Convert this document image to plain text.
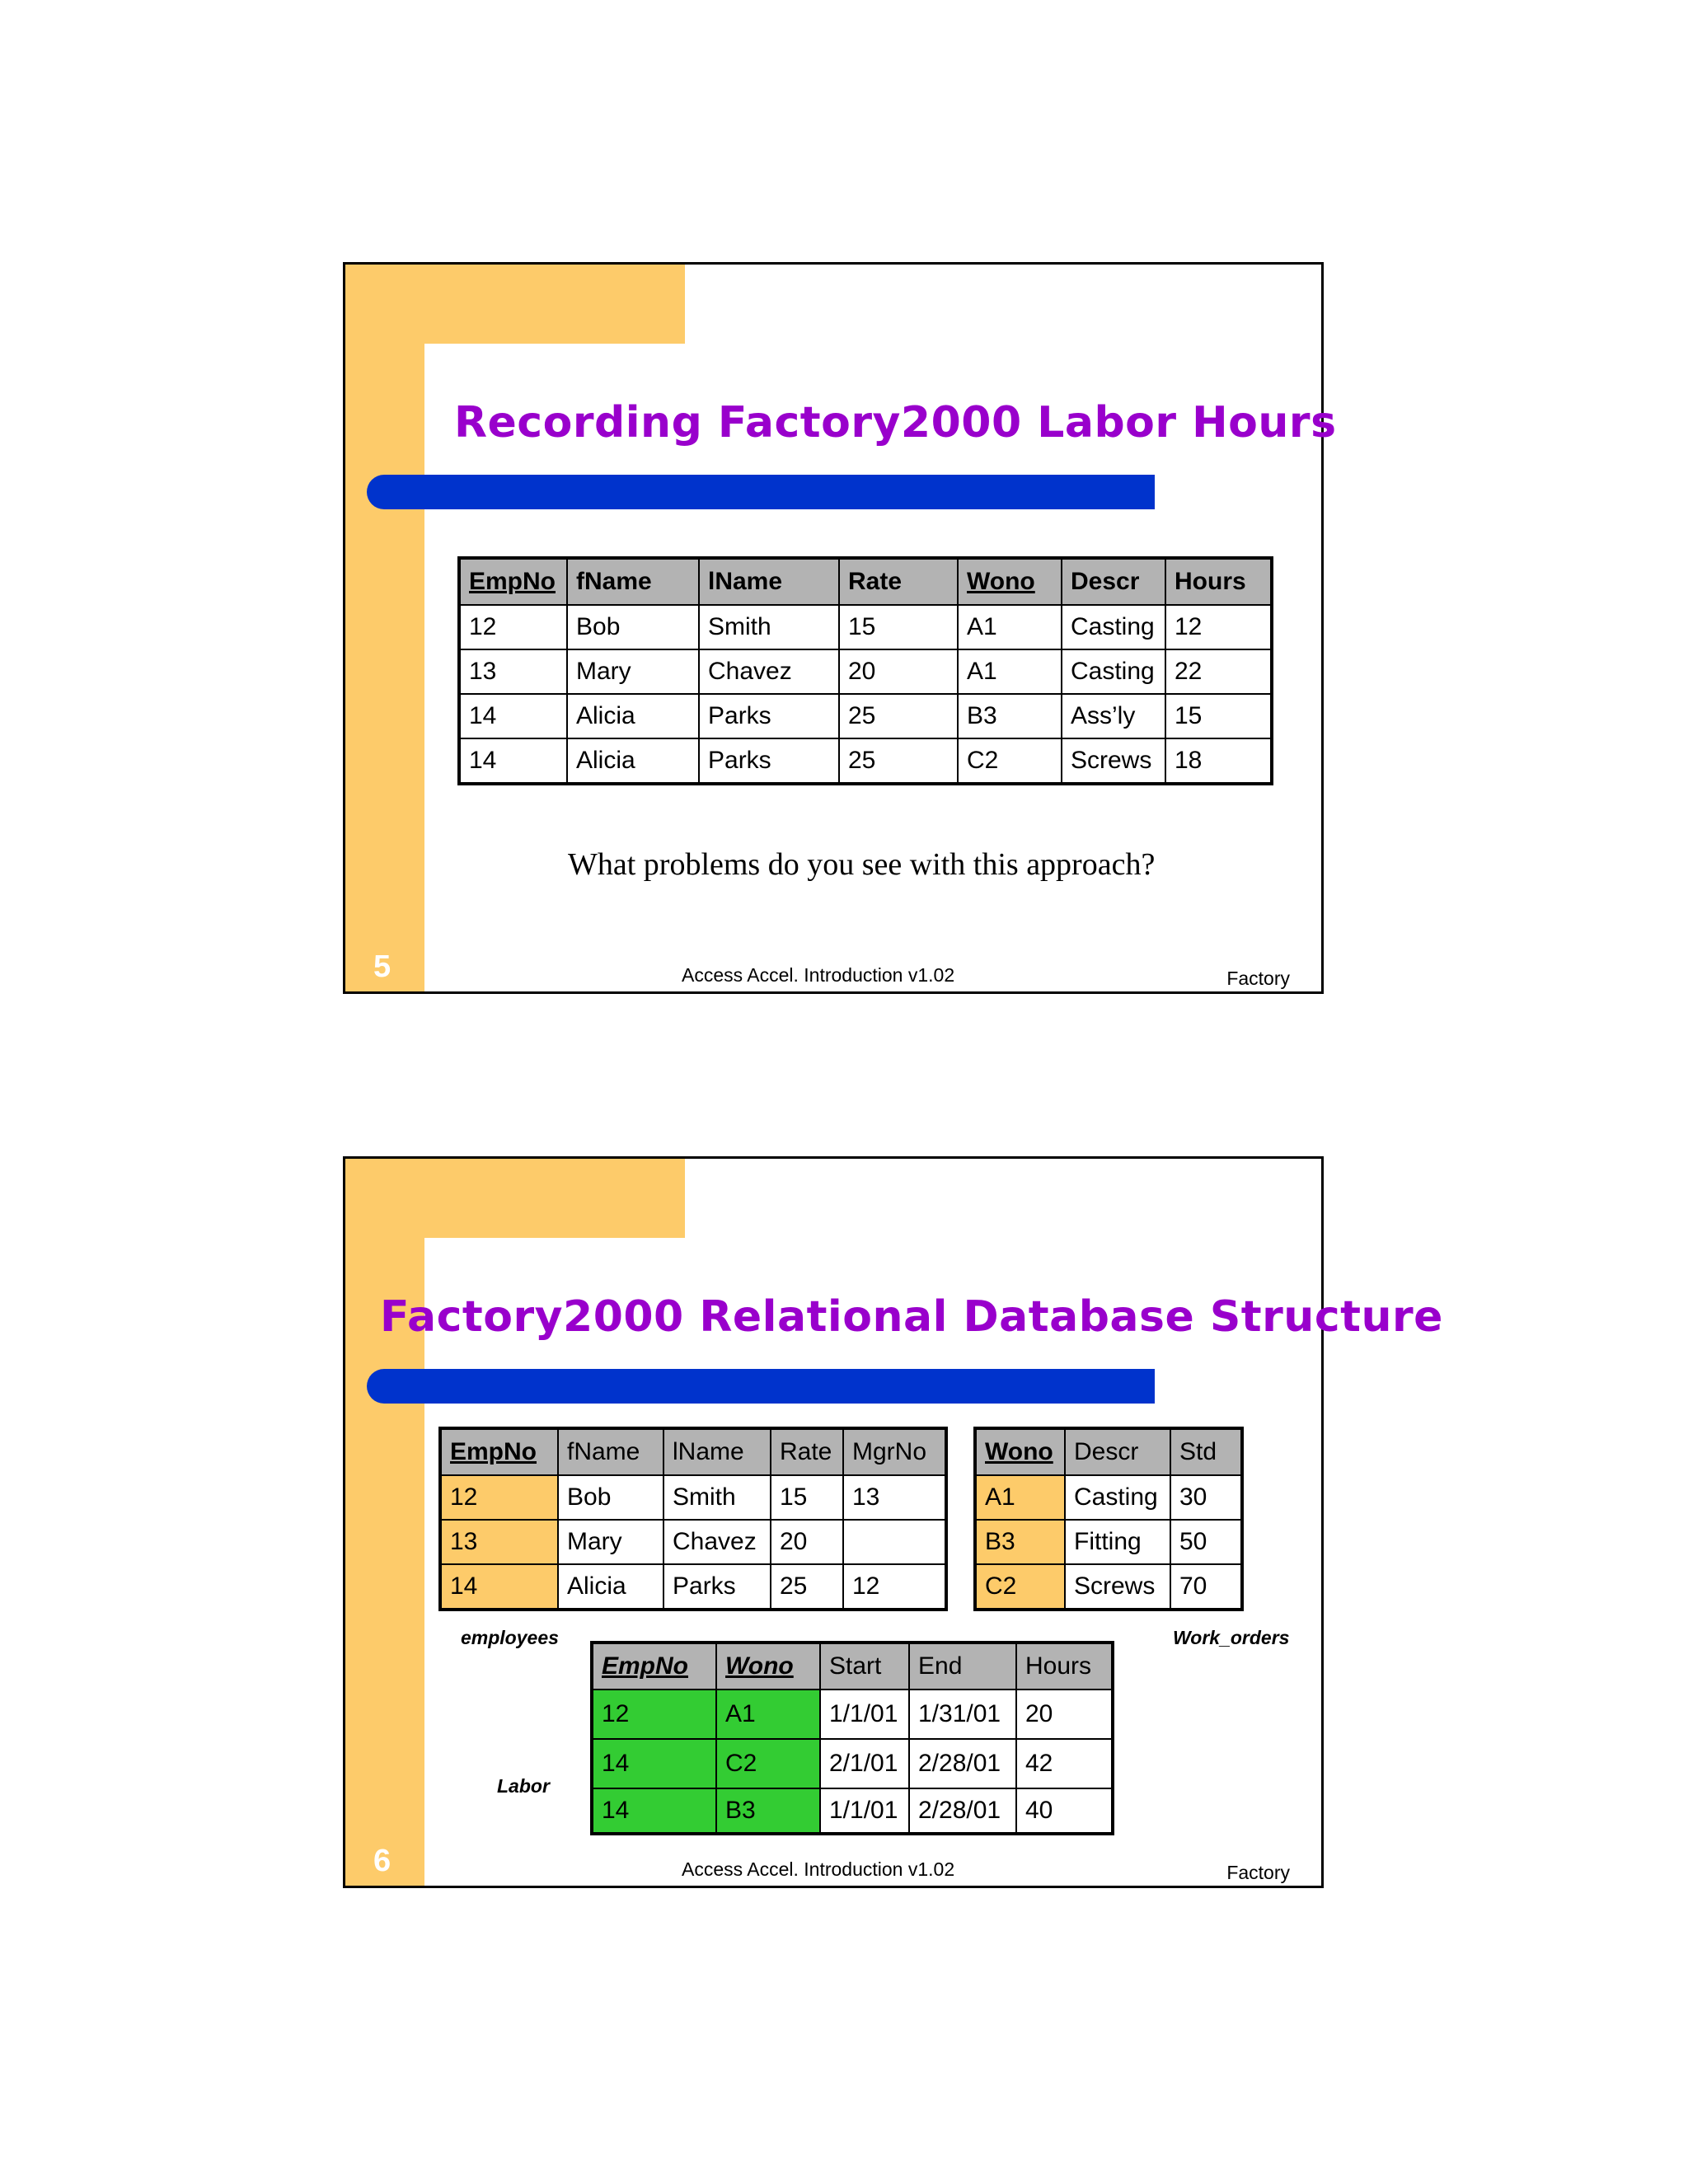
Recording Factory2000 Labor Hours
EmpNo	fName	lName	Rate	Wono	Descr	Hours
12	Bob	Smith	15	A1	Casting	12
13	Mary	Chavez	20	A1	Casting	22
14	Alicia	Parks	25	B3	Ass’ly	15
14	Alicia	Parks	25	C2	Screws	18
What problems do you see with this approach?
5	Access Accel. Introduction v1.02	Factory
Factory2000 Relational Database Structure
EmpNo	fName	lName	Rate	MgrNo
12	Bob	Smith	15	13
13	Mary	Chavez	20	
14	Alicia	Parks	25	12
employees
Wono	Descr	Std
A1	Casting	30
B3	Fitting	50
C2	Screws	70
Work_orders
EmpNo	Wono	Start	End	Hours
12	A1	1/1/01	1/31/01	20
14	C2	2/1/01	2/28/01	42
14	B3	1/1/01	2/28/01	40
Labor
6	Access Accel. Introduction v1.02	Factory
